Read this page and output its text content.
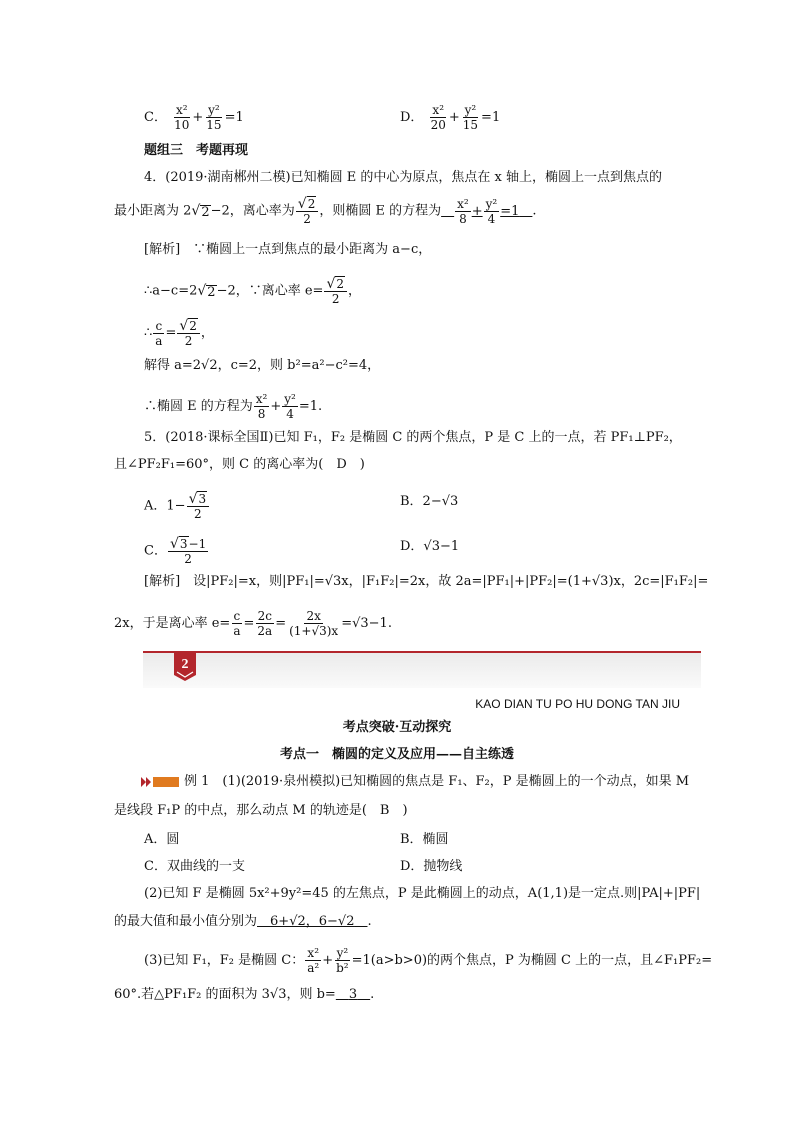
C． $\frac{\text{x²}}{10} + \frac{\text{y²}}{15} =1$	D． $\frac{\text{x²}}{20} + \frac{\text{y²}}{15} =1$
题组三　考题再现
4．(2019·湖南郴州二模)已知椭圆 E 的中心为原点，焦点在 x 轴上，椭圆上一点到焦点的
最小距离为 2 √ 2 −2，离心率为 $\frac{√ 2}{2}$ ，则椭圆 E 的方程为　 $\frac{\text{x²}}{8} + \frac{\text{y²}}{4} =1$　 .
[解析]　 ∵椭圆上一点到焦点的最小距离为 a−c，
∴a−c=2 √ 2 −2，∵离心率 $e= \frac{√ 2}{2}$ ，
∴ $\frac{c}{a} = \frac{√ 2}{2}$ ，
解得 a=2√2，c=2，则 b²=a²−c²=4，
∴椭圆 E 的方程为 $\frac{\text{x²}}{8} + \frac{\text{y²}}{4} =1$.
5．(2018·课标全国Ⅱ)已知 F₁，F₂ 是椭圆 C 的两个焦点，P 是 C 上的一点，若 PF₁⊥PF₂，
且∠PF₂F₁=60°，则 C 的离心率为(　D　)
A．$1- \frac{√ 3}{2}$	B．2−√3
C． $\frac{√ 3 -1}{2}$	D．√3−1
[解析]　设|PF₂|=x，则|PF₁|=√3x，|F₁F₂|=2x，故 2a=|PF₁|+|PF₂|=(1+√3)x，2c=|F₁F₂|=
2x，于是离心率 $e= \frac{c}{a} = \frac{2c}{2a} = \frac{2x}{(1+√3)x} =√3-1$.
2
KAO DIAN TU PO HU DONG TAN JIU
考点突破·互动探究
考点一　椭圆的定义及应用——自主练透
例 1　(1)(2019·泉州模拟)已知椭圆的焦点是 F₁、F₂，P 是椭圆上的一个动点，如果 M
是线段 F₁P 的中点，那么动点 M 的轨迹是(　B　)
A．圆	B．椭圆
C．双曲线的一支	D．抛物线
(2)已知 F 是椭圆 5x²+9y²=45 的左焦点，P 是此椭圆上的动点，A(1,1)是一定点.则|PA|+|PF|
的最大值和最小值分别为　 6+√2，6−√2　 .
(3)已知 F₁，F₂ 是椭圆 C： $\frac{\text{x²}}{\text{a²}} + \frac{\text{y²}}{\text{b²}} =1(a>b>0)$的两个焦点，P 为椭圆 C 上的一点，且∠F₁PF₂=
60°.若△PF₁F₂ 的面积为 3√3，则 b=　 3　 .
